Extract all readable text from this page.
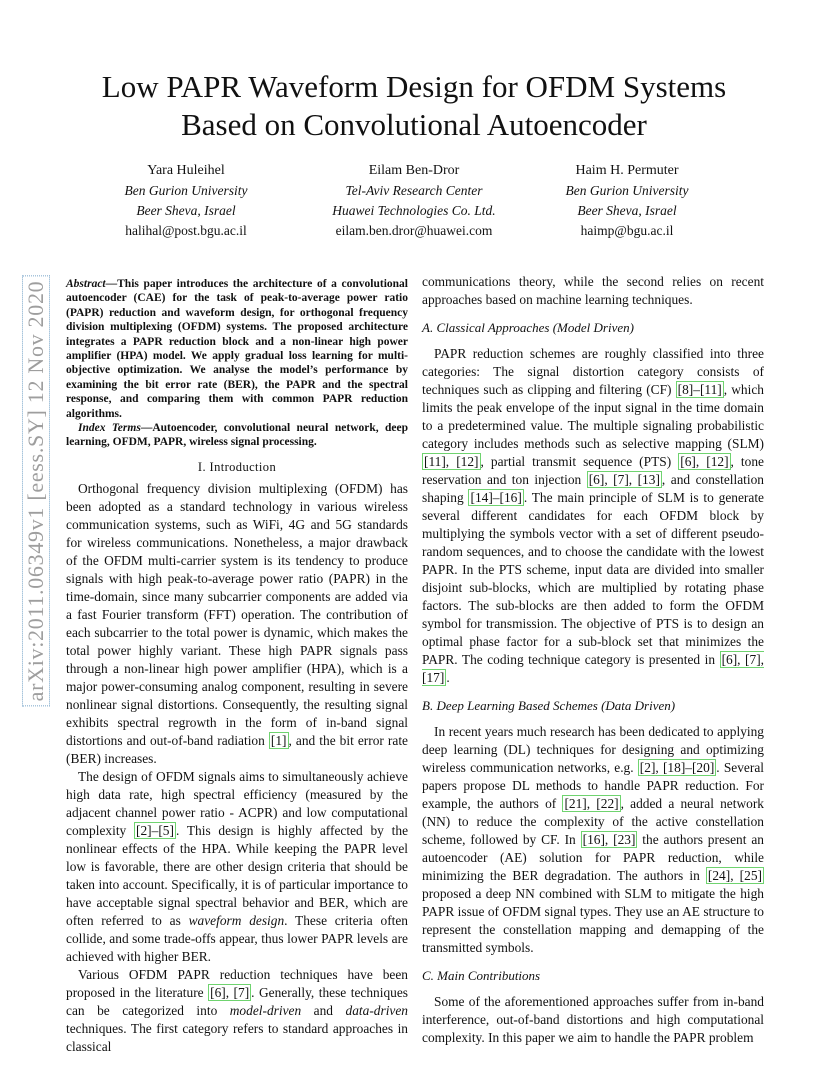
arXiv:2011.06349v1 [eess.SY] 12 Nov 2020
Low PAPR Waveform Design for OFDM Systems
Based on Convolutional Autoencoder
Yara Huleihel
Ben Gurion University
Beer Sheva, Israel
halihal@post.bgu.ac.il
Eilam Ben-Dror
Tel-Aviv Research Center
Huawei Technologies Co. Ltd.
eilam.ben.dror@huawei.com
Haim H. Permuter
Ben Gurion University
Beer Sheva, Israel
haimp@bgu.ac.il

Abstract—This paper introduces the architecture of a convolutional autoencoder (CAE) for the task of peak-to-average power ratio (PAPR) reduction and waveform design, for orthogonal frequency division multiplexing (OFDM) systems. The proposed architecture integrates a PAPR reduction block and a non-linear high power amplifier (HPA) model. We apply gradual loss learning for multi-objective optimization. We analyse the model’s performance by examining the bit error rate (BER), the PAPR and the spectral response, and comparing them with common PAPR reduction algorithms.

Index Terms—Autoencoder, convolutional neural network, deep learning, OFDM, PAPR, wireless signal processing.

I. Introduction

Orthogonal frequency division multiplexing (OFDM) has been adopted as a standard technology in various wireless communication systems, such as WiFi, 4G and 5G standards for wireless communications. Nonetheless, a major drawback of the OFDM multi-carrier system is its tendency to produce signals with high peak-to-average power ratio (PAPR) in the time-domain, since many subcarrier components are added via a fast Fourier transform (FFT) operation. The contribution of each subcarrier to the total power is dynamic, which makes the total power highly variant. These high PAPR signals pass through a non-linear high power amplifier (HPA), which is a major power-consuming analog component, resulting in severe nonlinear signal distortions. Consequently, the resulting signal exhibits spectral regrowth in the form of in-band signal distortions and out-of-band radiation [1] , and the bit error rate (BER) increases.

The design of OFDM signals aims to simultaneously achieve high data rate, high spectral efficiency (measured by the adjacent channel power ratio - ACPR) and low computational complexity [2]–[5] . This design is highly affected by the nonlinear effects of the HPA. While keeping the PAPR level low is favorable, there are other design criteria that should be taken into account. Specifically, it is of particular importance to have acceptable signal spectral behavior and BER, which are often referred to as waveform design. These criteria often collide, and some trade-offs appear, thus lower PAPR levels are achieved with higher BER.

Various OFDM PAPR reduction techniques have been proposed in the literature [6], [7] . Generally, these techniques can be categorized into model-driven and data-driven techniques. The first category refers to standard approaches in classical

communications theory, while the second relies on recent approaches based on machine learning techniques.

A. Classical Approaches (Model Driven)

PAPR reduction schemes are roughly classified into three categories: The signal distortion category consists of techniques such as clipping and filtering (CF) [8]–[11] , which limits the peak envelope of the input signal in the time domain to a predetermined value. The multiple signaling probabilistic category includes methods such as selective mapping (SLM) [11], [12] , partial transmit sequence (PTS) [6], [12] , tone reservation and ton injection [6], [7], [13] , and constellation shaping [14]–[16] . The main principle of SLM is to generate several different candidates for each OFDM block by multiplying the symbols vector with a set of different pseudo-random sequences, and to choose the candidate with the lowest PAPR. In the PTS scheme, input data are divided into smaller disjoint sub-blocks, which are multiplied by rotating phase factors. The sub-blocks are then added to form the OFDM symbol for transmission. The objective of PTS is to design an optimal phase factor for a sub-block set that minimizes the PAPR. The coding technique category is presented in [6], [7], [17] .

B. Deep Learning Based Schemes (Data Driven)

In recent years much research has been dedicated to applying deep learning (DL) techniques for designing and optimizing wireless communication networks, e.g. [2], [18]–[20] . Several papers propose DL methods to handle PAPR reduction. For example, the authors of [21], [22] , added a neural network (NN) to reduce the complexity of the active constellation scheme, followed by CF. In [16], [23] the authors present an autoencoder (AE) solution for PAPR reduction, while minimizing the BER degradation. The authors in [24], [25] proposed a deep NN combined with SLM to mitigate the high PAPR issue of OFDM signal types. They use an AE structure to represent the constellation mapping and demapping of the transmitted symbols.

C. Main Contributions

Some of the aforementioned approaches suffer from in-band interference, out-of-band distortions and high computational complexity. In this paper we aim to handle the PAPR problem
